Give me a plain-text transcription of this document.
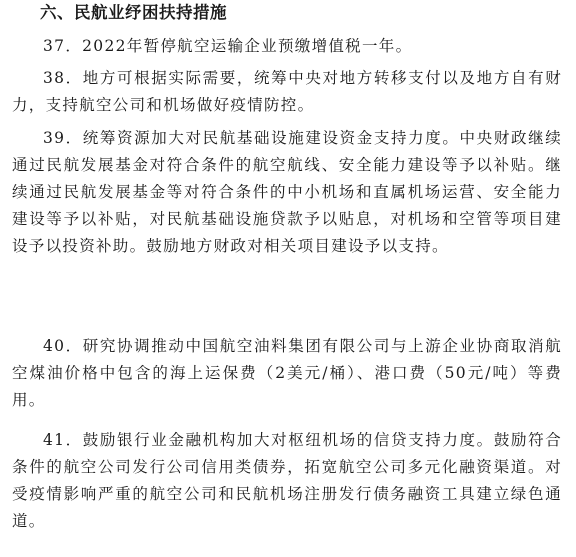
六、民航业纾困扶持措施

37．2022年暂停航空运输企业预缴增值税一年。

38．地方可根据实际需要，统筹中央对地方转移支付以及地方自有财力，支持航空公司和机场做好疫情防控。

39．统筹资源加大对民航基础设施建设资金支持力度。中央财政继续通过民航发展基金对符合条件的航空航线、安全能力建设等予以补贴。继续通过民航发展基金等对符合条件的中小机场和直属机场运营、安全能力建设等予以补贴，对民航基础设施贷款予以贴息，对机场和空管等项目建设予以投资补助。鼓励地方财政对相关项目建设予以支持。

40．研究协调推动中国航空油料集团有限公司与上游企业协商取消航空煤油价格中包含的海上运保费（2美元/桶）、港口费（50元/吨）等费用。

41．鼓励银行业金融机构加大对枢纽机场的信贷支持力度。鼓励符合条件的航空公司发行公司信用类债券，拓宽航空公司多元化融资渠道。对受疫情影响严重的航空公司和民航机场注册发行债务融资工具建立绿色通道。
